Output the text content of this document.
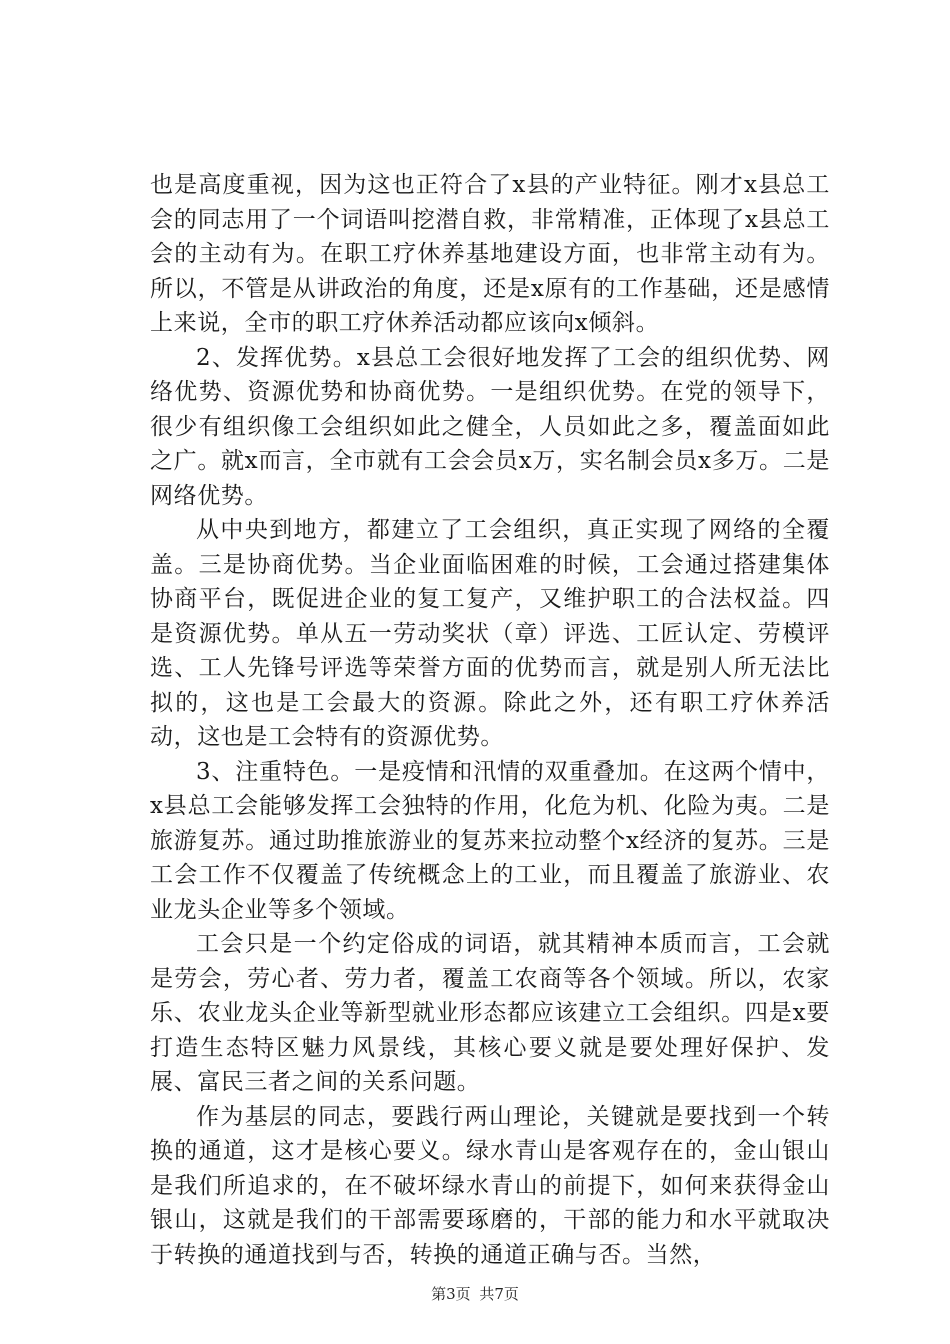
也是高度重视，因为这也正符合了x县的产业特征。刚才x县总工会的同志用了一个词语叫挖潜自救，非常精准，正体现了x县总工会的主动有为。在职工疗休养基地建设方面，也非常主动有为。所以，不管是从讲政治的角度，还是x原有的工作基础，还是感情上来说，全市的职工疗休养活动都应该向x倾斜。

2、发挥优势。x县总工会很好地发挥了工会的组织优势、网络优势、资源优势和协商优势。一是组织优势。在党的领导下，很少有组织像工会组织如此之健全，人员如此之多，覆盖面如此之广。就x而言，全市就有工会会员x万，实名制会员x多万。二是网络优势。

从中央到地方，都建立了工会组织，真正实现了网络的全覆盖。三是协商优势。当企业面临困难的时候，工会通过搭建集体协商平台，既促进企业的复工复产，又维护职工的合法权益。四是资源优势。单从五一劳动奖状（章）评选、工匠认定、劳模评选、工人先锋号评选等荣誉方面的优势而言，就是别人所无法比拟的，这也是工会最大的资源。除此之外，还有职工疗休养活动，这也是工会特有的资源优势。

3、注重特色。一是疫情和汛情的双重叠加。在这两个情中，x县总工会能够发挥工会独特的作用，化危为机、化险为夷。二是旅游复苏。通过助推旅游业的复苏来拉动整个x经济的复苏。三是工会工作不仅覆盖了传统概念上的工业，而且覆盖了旅游业、农业龙头企业等多个领域。

工会只是一个约定俗成的词语，就其精神本质而言，工会就是劳会，劳心者、劳力者，覆盖工农商等各个领域。所以，农家乐、农业龙头企业等新型就业形态都应该建立工会组织。四是x要打造生态特区魅力风景线，其核心要义就是要处理好保护、发展、富民三者之间的关系问题。

作为基层的同志，要践行两山理论，关键就是要找到一个转换的通道，这才是核心要义。绿水青山是客观存在的，金山银山是我们所追求的，在不破坏绿水青山的前提下，如何来获得金山银山，这就是我们的干部需要琢磨的，干部的能力和水平就取决于转换的通道找到与否，转换的通道正确与否。当然，

第3页 共7页
